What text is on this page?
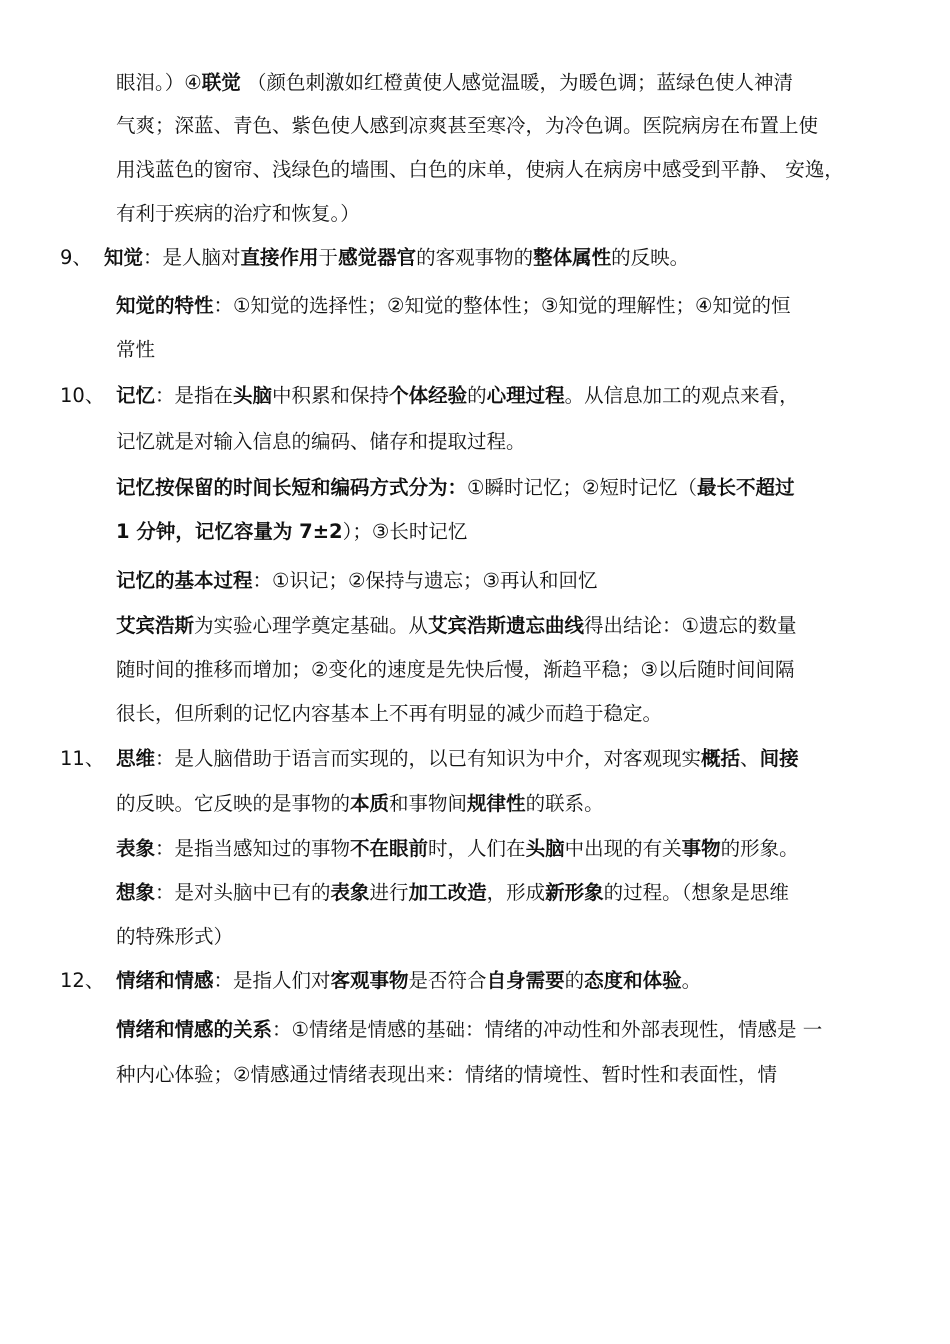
9、
10、
11、
12、
眼泪。）④联觉 （颜色刺激如红橙黄使人感觉温暖，为暖色调；蓝绿色使人神清
气爽；深蓝、青色、紫色使人感到凉爽甚至寒冷，为冷色调。医院病房在布置上使
用浅蓝色的窗帘、浅绿色的墙围、白色的床单，使病人在病房中感受到平静、 安逸，
有利于疾病的治疗和恢复。）
知觉：是人脑对直接作用于感觉器官的客观事物的整体属性的反映。
知觉的特性：①知觉的选择性；②知觉的整体性；③知觉的理解性；④知觉的恒
常性
记忆：是指在头脑中积累和保持个体经验的心理过程。从信息加工的观点来看，
记忆就是对输入信息的编码、储存和提取过程。
记忆按保留的时间长短和编码方式分为：①瞬时记忆；②短时记忆（最长不超过
1 分钟，记忆容量为 7±2）；③长时记忆
记忆的基本过程：①识记；②保持与遗忘；③再认和回忆
艾宾浩斯为实验心理学奠定基础。从艾宾浩斯遗忘曲线得出结论：①遗忘的数量
随时间的推移而增加；②变化的速度是先快后慢，渐趋平稳；③以后随时间间隔
很长，但所剩的记忆内容基本上不再有明显的减少而趋于稳定。
思维：是人脑借助于语言而实现的，以已有知识为中介，对客观现实概括、间接
的反映。它反映的是事物的本质和事物间规律性的联系。
表象：是指当感知过的事物不在眼前时，人们在头脑中出现的有关事物的形象。
想象：是对头脑中已有的表象进行加工改造，形成新形象的过程。（想象是思维
的特殊形式）
情绪和情感：是指人们对客观事物是否符合自身需要的态度和体验。
情绪和情感的关系：①情绪是情感的基础：情绪的冲动性和外部表现性，情感是 一
种内心体验；②情感通过情绪表现出来：情绪的情境性、暂时性和表面性，情
